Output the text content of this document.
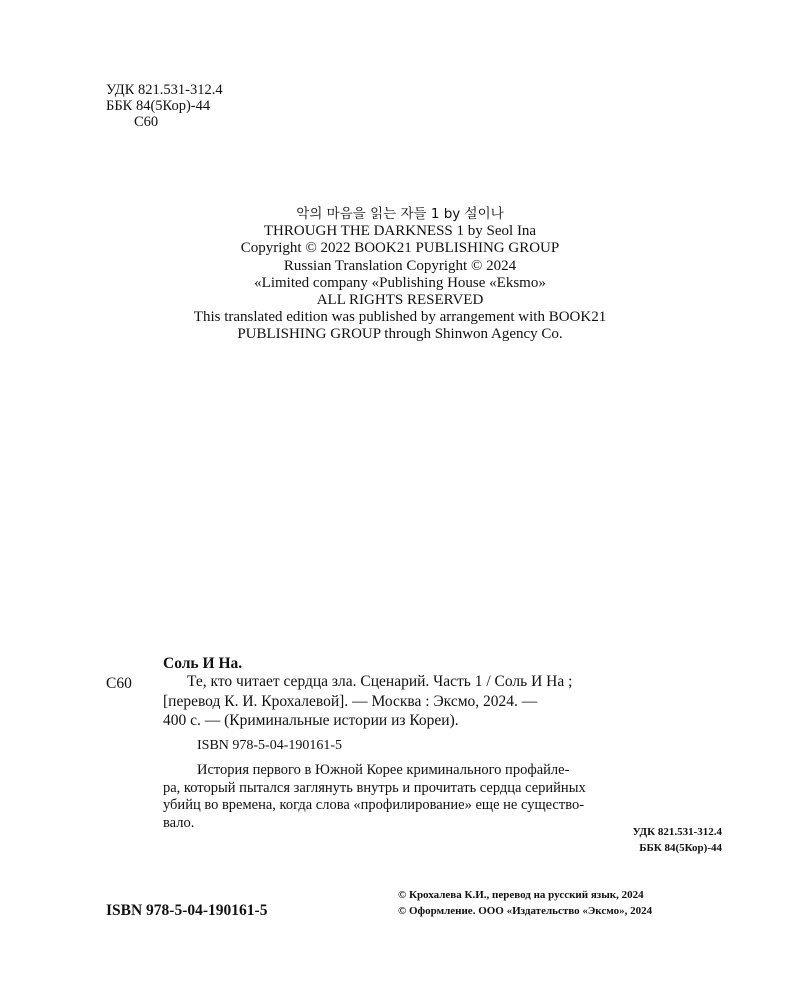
УДК 821.531-312.4
ББК 84(5Кор)-44
С60
악의 마음을 읽는 자들 1 by 설이나
THROUGH THE DARKNESS 1 by Seol Ina
Copyright © 2022 BOOK21 PUBLISHING GROUP
Russian Translation Copyright © 2024
«Limited company «Publishing House «Eksmo»
ALL RIGHTS RESERVED
This translated edition was published by arrangement with BOOK21
PUBLISHING GROUP through Shinwon Agency Co.
Соль И На.
С60	Те, кто читает сердца зла. Сценарий. Часть 1 / Соль И На ;
[перевод К. И. Крохалевой]. — Москва : Эксмо, 2024. —
400 с. — (Криминальные истории из Кореи).
ISBN 978-5-04-190161-5
История первого в Южной Корее криминального профайле-
ра, который пытался заглянуть внутрь и прочитать сердца серийных
убийц во времена, когда слова «профилирование» еще не существо-
вало.
УДК 821.531-312.4
ББК 84(5Кор)-44
ISBN 978-5-04-190161-5
© Крохалева К.И., перевод на русский язык, 2024
© Оформление. ООО «Издательство «Эксмо», 2024
